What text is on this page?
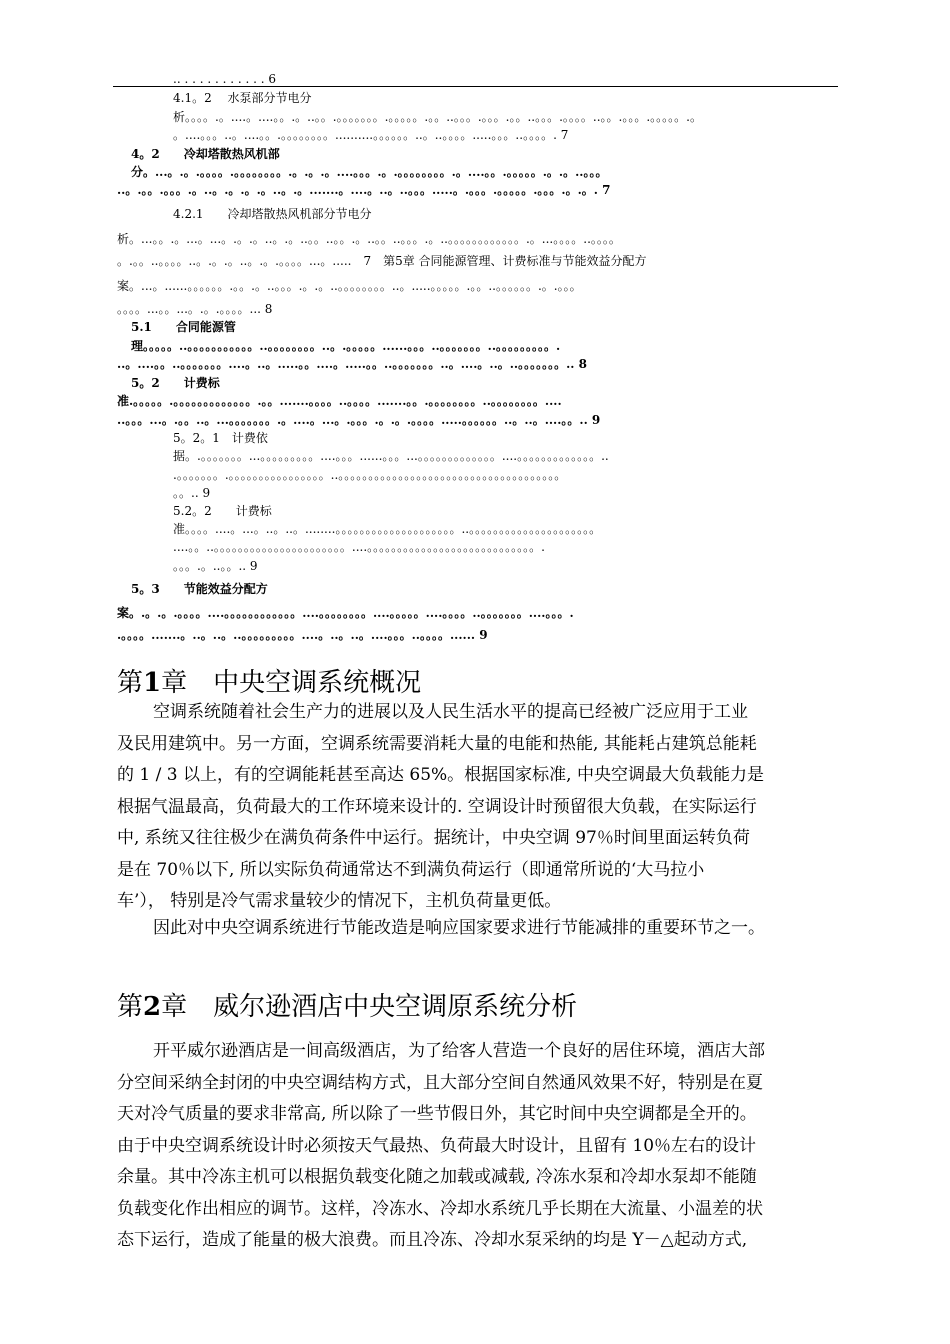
.. . . . . . . . . . . . 6
4.1。2　 水泵部分节电分
析。。。。.。....。....。。.。..。。.。。。。。。。.。。。。。.。。..。。。.。。。.。。..。。。.。。。。..。。.。。。.。。。。。.。
。....。。。..。....。。.。。。。。。。。..........。。。。。。..。..。。。。.....。。。..。。。。. 7
4。2　　冷却塔散热风机部
分。...。.。.。。。。.。。。。。。。。.。.。.。....。。。.。.。。。。。。。。.。....。。.。。。。。.。.。..。。。
..。.。。.。。。.。..。.。.。.。..。.。.......。....。..。..。。。.....。.。。。.。。。。。.。。。.。.。. 7
4.2.1　　冷却塔散热风机部分节电分
析。...。。.。...。...。.。.。..。.。..。。..。。.。..。。..。。。.。..。。。。。。。。。。。。.。...。。。。..。。。。
。.。。..。。。。..。.。.。..。.。.。。。。...。.....　7　第5章 合同能源管理、计费标准与节能效益分配方
案。...。......。。。。。。.。。.。..。。。.。.。..。。。。。。。。..。.....。。。。。.。。..。。。。。。.。.。。。
。。。。...。。...。.。.。。。。... 8
5.1　　合同能源管
理。。。。。..。。。。。。。。。。。..。。。。。。。。..。.。。。。。......。。。..。。。。。。。..。。。。。。。。。.
..。....。。..。。。。。。。....。..。.....。。....。.....。。..。。。。。。。..。....。..。..。。。。。。。.. 8
5。2　　计费标
准.。。。。。.。。。。。。。。。。。。。.。。.......。。。。..。。。。.......。。.。。。。。。。。..。。。。。。。。....
..。。。...。.。。..。...。。。。。。。.。....。...。.。。。.。.。.。。。。.....。。。。。。..。..。....。。.. 9
5。2。1　计费依
据。.。。。。。。。...。。。。。。。。。....。。。......。。。...。。。。。。。。。。。。。....。。。。。。。。。。。。。..
.。。。。。。。.。。。。。。。。。。。。。。。。..。。。。。。。。。。。。。。。。。。。。。。。。。。。。。。。。。。。。。
。。.. 9
5.2。2　　计费标
准。。。。....。...。..。..。........。。。。。。。。。。。。。。。。。。。。..。。。。。。。。。。。。。。。。。。。。。
....。。..。。。。。。。。。。。。。。。。。。。。。。....。。。。。。。。。。。。。。。。。。。。。。。。。。。。.
。。。.。..。。.. 9
5。3　　节能效益分配方
案。.。.。.。。。。....。。。。。。。。。。。。....。。。。。。。。....。。。。。....。。。。..。。。。。。。....。。。.
.。。。。.......。..。..。..。。。。。。。。。....。..。..。....。。。..。。。。...... 9
第1章　中央空调系统概况
空调系统随着社会生产力的进展以及人民生活水平的提高已经被广泛应用于工业
及民用建筑中。另一方面，空调系统需要消耗大量的电能和热能, 其能耗占建筑总能耗
的 1 / 3 以上，有的空调能耗甚至高达 65%。根据国家标准, 中央空调最大负载能力是
根据气温最高，负荷最大的工作环境来设计的. 空调设计时预留很大负载，在实际运行
中, 系统又往往极少在满负荷条件中运行。据统计，中央空调 97％时间里面运转负荷
是在 70％以下, 所以实际负荷通常达不到满负荷运行（即通常所说的‘大马拉小
车’）， 特别是冷气需求量较少的情况下，主机负荷量更低。
因此对中央空调系统进行节能改造是响应国家要求进行节能减排的重要环节之一。
第2章　威尔逊酒店中央空调原系统分析
开平威尔逊酒店是一间高级酒店，为了给客人营造一个良好的居住环境，酒店大部
分空间采纳全封闭的中央空调结构方式，且大部分空间自然通风效果不好，特别是在夏
天对冷气质量的要求非常高, 所以除了一些节假日外，其它时间中央空调都是全开的。
由于中央空调系统设计时必须按天气最热、负荷最大时设计，且留有 10％左右的设计
余量。其中冷冻主机可以根据负载变化随之加载或减载, 冷冻水泵和冷却水泵却不能随
负载变化作出相应的调节。这样，冷冻水、冷却水系统几乎长期在大流量、小温差的状
态下运行，造成了能量的极大浪费。而且冷冻、冷却水泵采纳的均是 Y－△起动方式,
